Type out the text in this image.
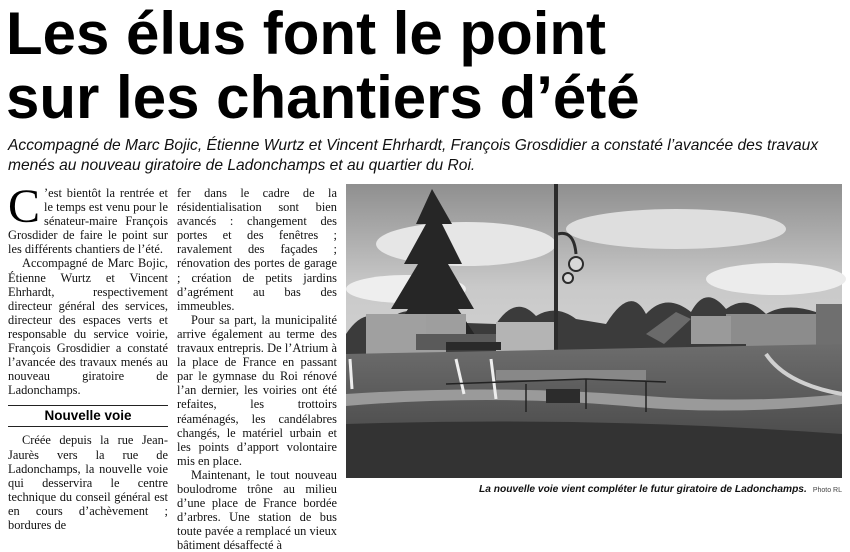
Les élus font le point
sur les chantiers d’été
Accompagné de Marc Bojic, Étienne Wurtz et Vincent Ehrhardt, François Grosdidier a constaté l’avancée des travaux menés au nouveau giratoire de Ladonchamps et au quartier du Roi.

C ’est bientôt la rentrée et le temps est venu pour le sénateur-maire François Grosdider de faire le point sur les différents chantiers de l’été.

Accompagné de Marc Bojic, Étienne Wurtz et Vincent Ehrhardt, respectivement directeur général des services, directeur des espaces verts et responsable du service voirie, François Grosdidier a constaté l’avancée des travaux menés au nouveau giratoire de Ladonchamps.

Nouvelle voie

Créée depuis la rue Jean-Jaurès vers la rue de Ladonchamps, la nouvelle voie qui desservira le centre technique du conseil général est en cours d’achèvement ; bordures de

fer dans le cadre de la résidentialisation sont bien avancés : changement des portes et des fenêtres ; ravalement des façades ; rénovation des portes de garage ; création de petits jardins d’agrément au bas des immeubles.

Pour sa part, la municipalité arrive également au terme des travaux entrepris. De l’Atrium à la place de France en passant par le gymnase du Roi rénové l’an dernier, les voiries ont été refaites, les trottoirs réaménagés, les candélabres changés, le matériel urbain et les points d’apport volontaire mis en place.

Maintenant, le tout nouveau boulodrome trône au milieu d’une place de France bordée d’arbres. Une station de bus toute pavée a remplacé un vieux bâtiment désaffecté à

La nouvelle voie vient compléter le futur giratoire de Ladonchamps. Photo RL
